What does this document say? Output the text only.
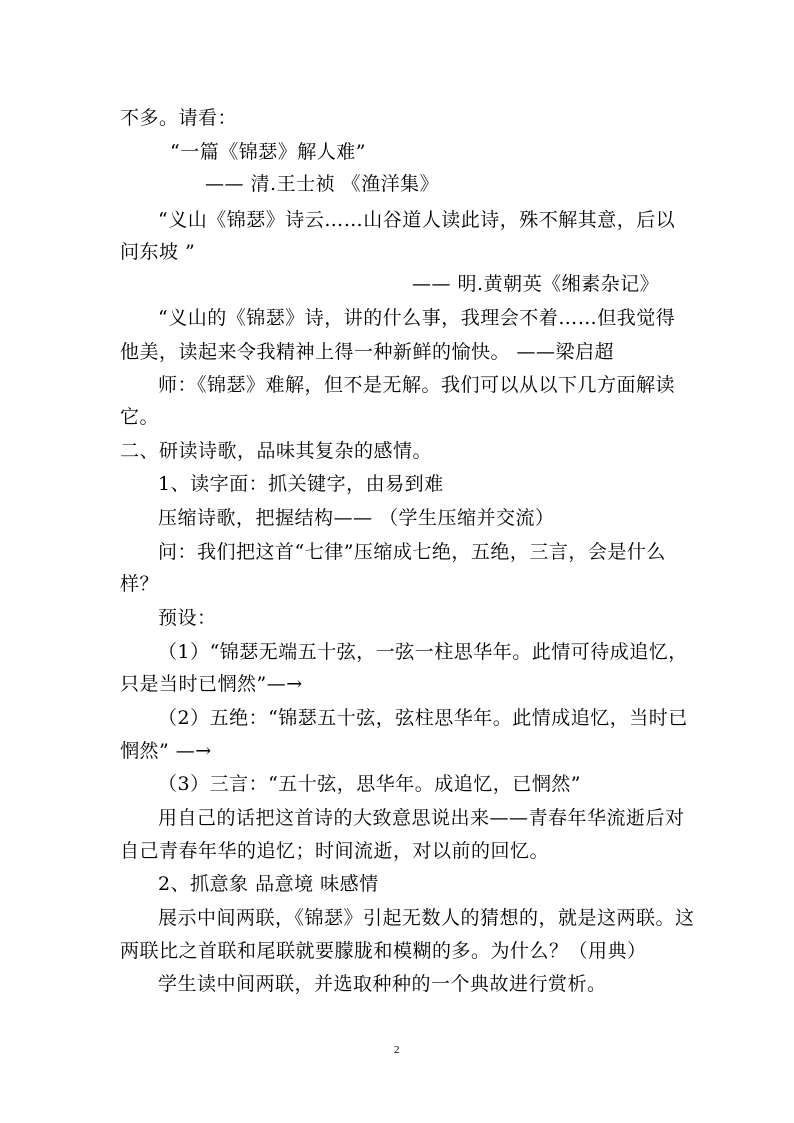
不多。请看：
“一篇《锦瑟》解人难”
—— 清.王士祯 《渔洋集》
“义山《锦瑟》诗云……山谷道人读此诗，殊不解其意，后以
问东坡 ”
—— 明.黄朝英《缃素杂记》
“义山的《锦瑟》诗，讲的什么事，我理会不着……但我觉得
他美，读起来令我精神上得一种新鲜的愉快。 ——梁启超
师：《锦瑟》难解，但不是无解。我们可以从以下几方面解读
它。
二、研读诗歌，品味其复杂的感情。
1、读字面：抓关键字，由易到难
压缩诗歌，把握结构—— （学生压缩并交流）
问：我们把这首“七律”压缩成七绝，五绝，三言，会是什么
样？
预设：
（1）“锦瑟无端五十弦，一弦一柱思华年。此情可待成追忆，
只是当时已惘然”—→
（2）五绝：“锦瑟五十弦，弦柱思华年。此情成追忆，当时已
惘然” —→
（3）三言：“五十弦，思华年。成追忆，已惘然”
用自己的话把这首诗的大致意思说出来——青春年华流逝后对
自己青春年华的追忆；时间流逝，对以前的回忆。
2、抓意象 品意境 味感情
展示中间两联，《锦瑟》引起无数人的猜想的，就是这两联。这
两联比之首联和尾联就要朦胧和模糊的多。为什么？（用典）
学生读中间两联，并选取种种的一个典故进行赏析。
2
